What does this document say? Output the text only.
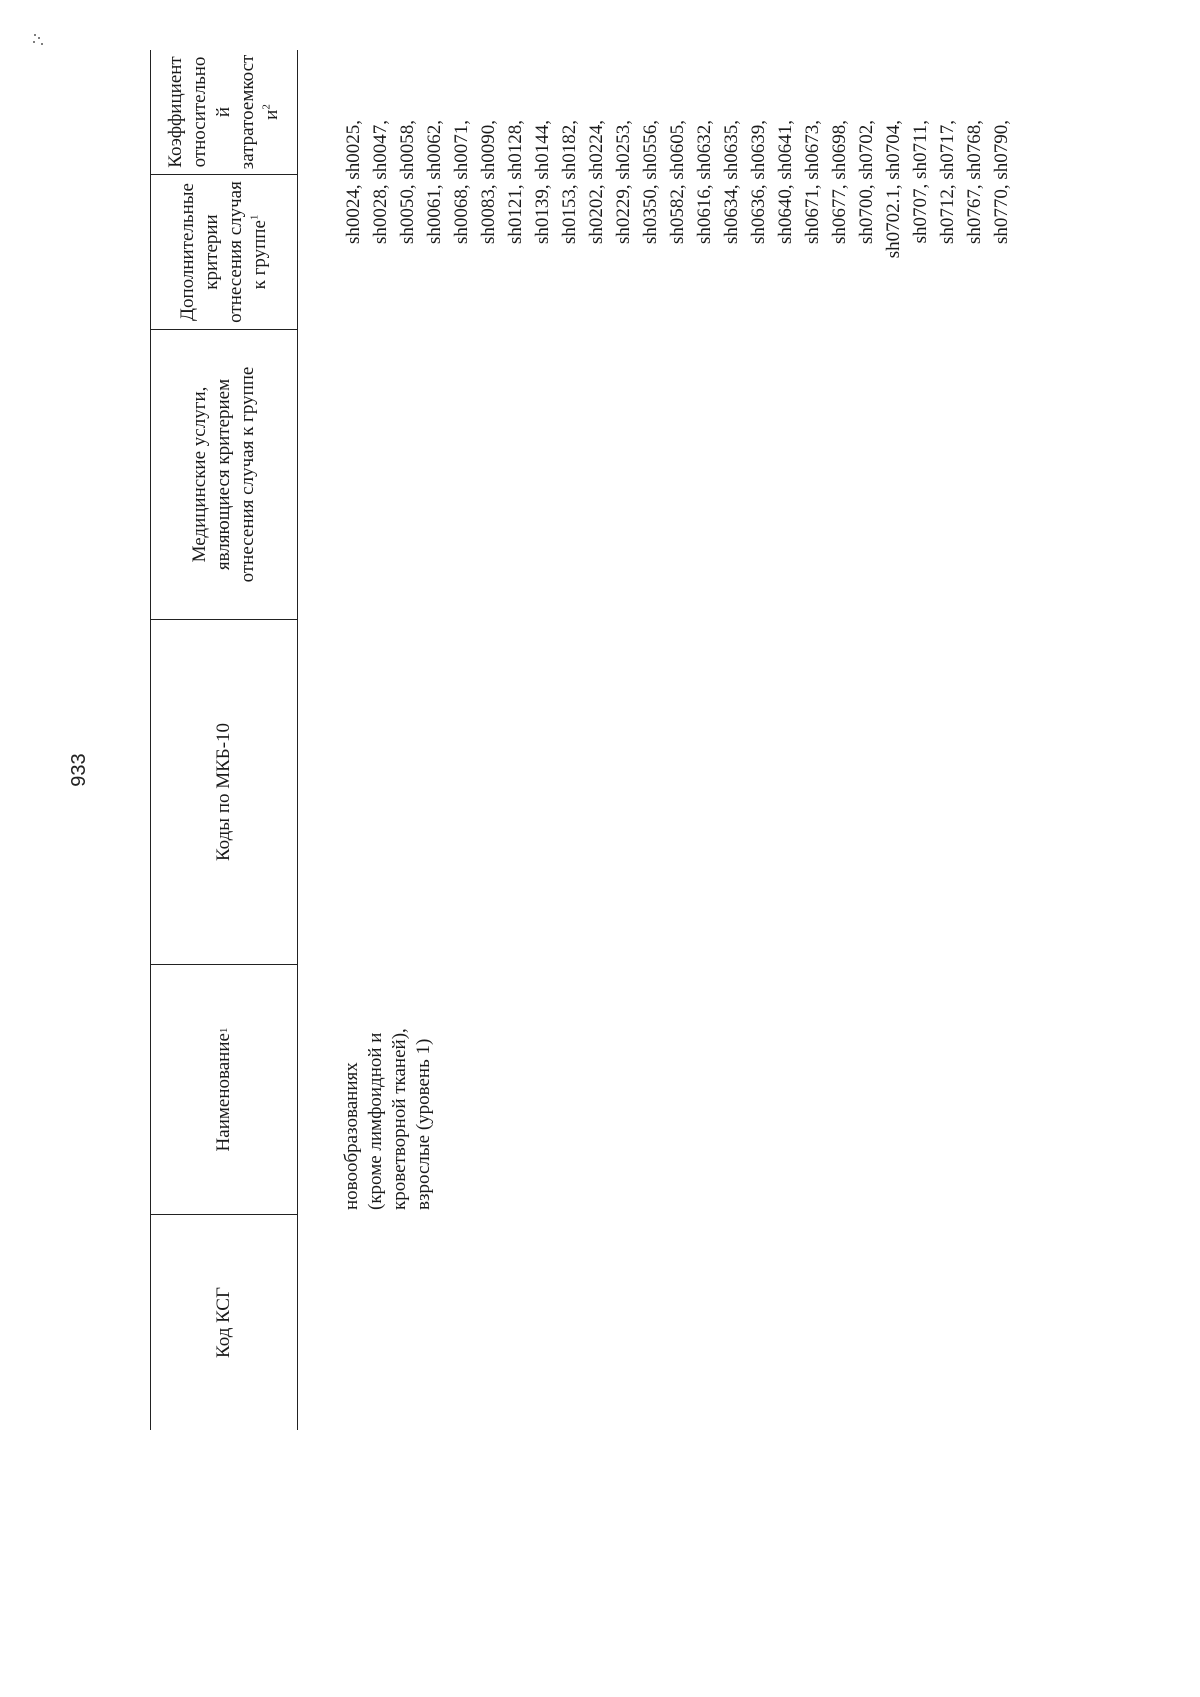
933
Код КСГ
Наименование
1
Коды по МКБ-10
Медицинские услуги, являющиеся критерием отнесения случая к группе
Дополнительные критерии отнесения случая к группе$^1$
Коэффициент относительно й затратоемкост $и^2$
новообразованиях (кроме лимфоидной и кроветворной тканей), взрослые (уровень 1)
sh0024, sh0025, sh0028, sh0047, sh0050, sh0058, sh0061, sh0062, sh0068, sh0071, sh0083, sh0090, sh0121, sh0128, sh0139, sh0144, sh0153, sh0182, sh0202, sh0224, sh0229, sh0253, sh0350, sh0556, sh0582, sh0605, sh0616, sh0632, sh0634, sh0635, sh0636, sh0639, sh0640, sh0641, sh0671, sh0673, sh0677, sh0698, sh0700, sh0702, sh0702.1, sh0704, sh0707, sh0711, sh0712, sh0717, sh0767, sh0768, sh0770, sh0790,
